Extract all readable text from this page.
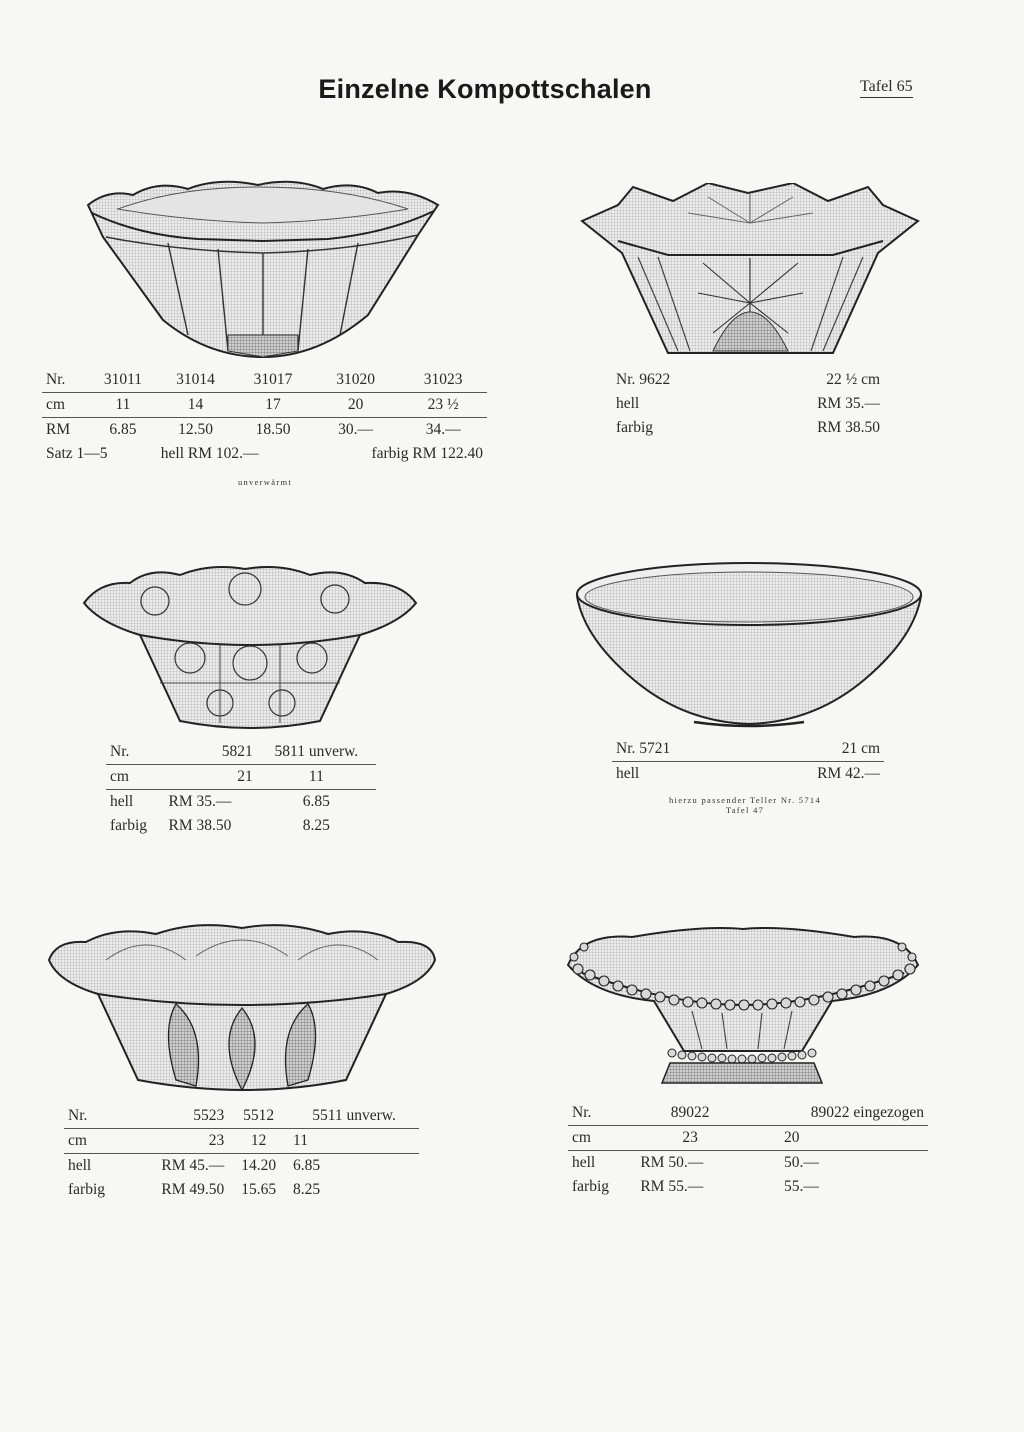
Einzelne Kompottschalen	Tafel 65
Nr.	31011	31014	31017	31020	31023
cm	11	14	17	20	23 ½
RM	6.85	12.50	18.50	30.—	34.—
Satz 1—5		hell RM 102.—		farbig RM 122.40	
unverwärmt
Nr. 9622	22 ½ cm
hell	RM 35.—
farbig	RM 38.50
Nr.	5821	5811 unverw.
cm	21	11
hell	RM 35.—	6.85
farbig	RM 38.50	8.25
Nr. 5721	21 cm
hell	RM 42.—
hierzu passender Teller Nr. 5714
Tafel 47
Nr.	5523	5512	5511 unverw.
cm	23	12	11
hell	RM 45.—	14.20	6.85
farbig	RM 49.50	15.65	8.25
Nr.	89022	89022 eingezogen
cm	23	20
hell	RM 50.—	50.—
farbig	RM 55.—	55.—
